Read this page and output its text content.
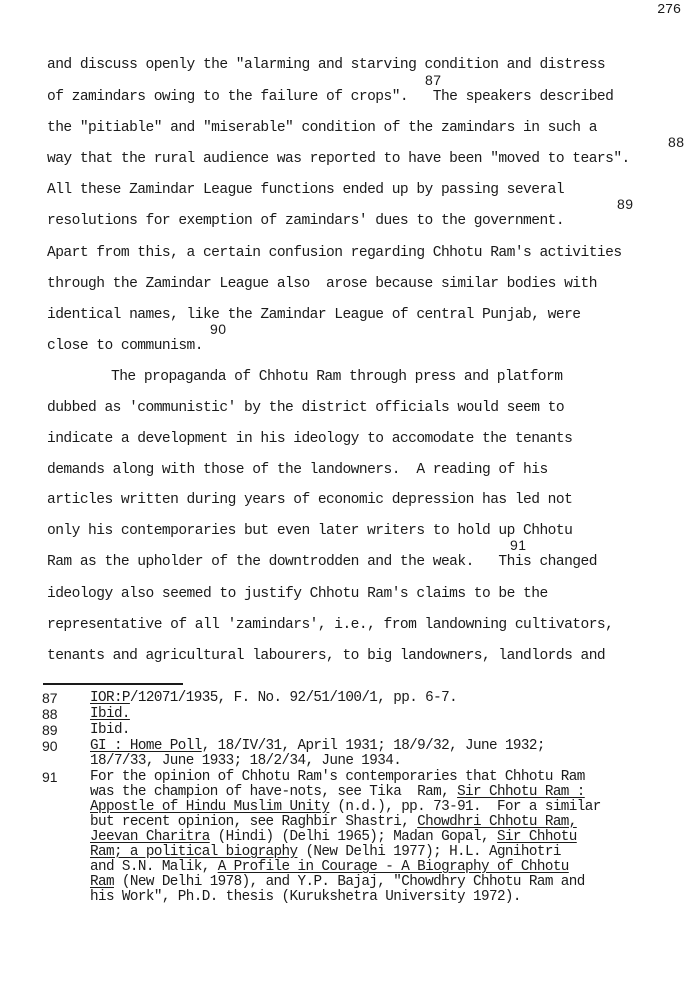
276
and discuss openly the "alarming and starving condition and distress
87
of zamindars owing to the failure of crops".   The speakers described
the "pitiable" and "miserable" condition of the zamindars in such a
88
way that the rural audience was reported to have been "moved to tears".
All these Zamindar League functions ended up by passing several
89
resolutions for exemption of zamindars' dues to the government.
Apart from this, a certain confusion regarding Chhotu Ram's activities
through the Zamindar League also  arose because similar bodies with
identical names, like the Zamindar League of central Punjab, were
90
close to communism.
The propaganda of Chhotu Ram through press and platform
dubbed as 'communistic' by the district officials would seem to
indicate a development in his ideology to accomodate the tenants
demands along with those of the landowners.  A reading of his
articles written during years of economic depression has led not
only his contemporaries but even later writers to hold up Chhotu
91
Ram as the upholder of the downtrodden and the weak.   This changed
ideology also seemed to justify Chhotu Ram's claims to be the
representative of all 'zamindars', i.e., from landowning cultivators,
tenants and agricultural labourers, to big landowners, landlords and
87 IOR:P/12071/1935, F. No. 92/51/100/1, pp. 6-7.
88 Ibid.
89 Ibid.
90 GI : Home Poll, 18/IV/31, April 1931; 18/9/32, June 1932;
18/7/33, June 1933; 18/2/34, June 1934.
91 For the opinion of Chhotu Ram's contemporaries that Chhotu Ram
was the champion of have-nots, see Tika  Ram, Sir Chhotu Ram :
Appostle of Hindu Muslim Unity (n.d.), pp. 73-91.  For a similar
but recent opinion, see Raghbir Shastri, Chowdhri Chhotu Ram,
Jeevan Charitra (Hindi) (Delhi 1965); Madan Gopal, Sir Chhotu
Ram; a political biography (New Delhi 1977); H.L. Agnihotri
and S.N. Malik, A Profile in Courage - A Biography of Chhotu
Ram (New Delhi 1978), and Y.P. Bajaj, "Chowdhry Chhotu Ram and
his Work", Ph.D. thesis (Kurukshetra University 1972).
